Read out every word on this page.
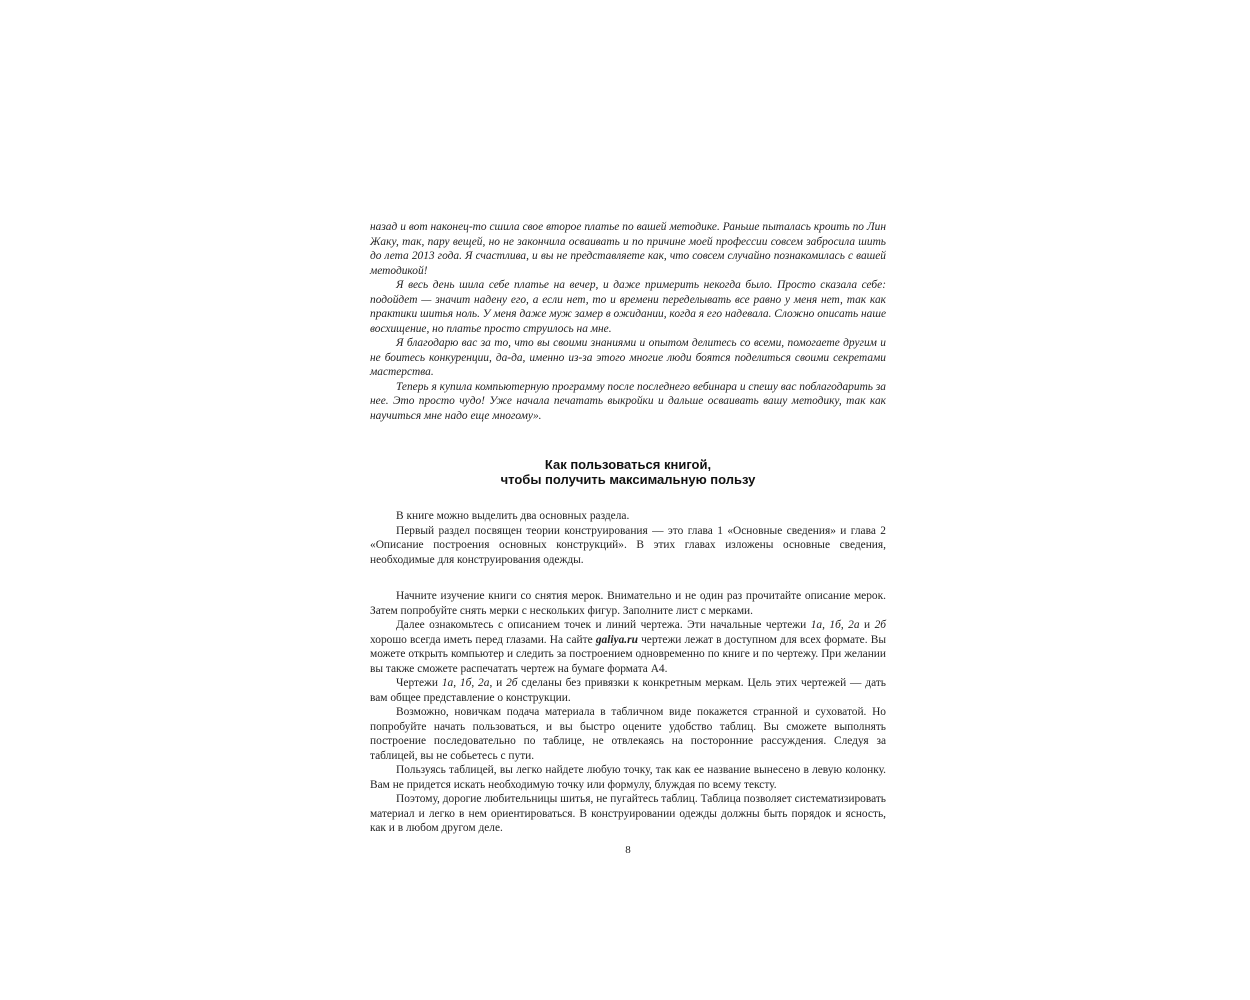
назад и вот наконец-то сшила свое второе платье по вашей методике. Раньше пыталась кроить по Лин Жаку, так, пару вещей, но не закончила осваивать и по причине моей профессии совсем забросила шить до лета 2013 года. Я счастлива, и вы не представляете как, что совсем случайно познакомилась с вашей методикой!

Я весь день шила себе платье на вечер, и даже примерить некогда было. Просто сказала себе: подойдет — значит надену его, а если нет, то и времени переделывать все равно у меня нет, так как практики шитья ноль. У меня даже муж замер в ожидании, когда я его надевала. Сложно описать наше восхищение, но платье просто струилось на мне.

Я благодарю вас за то, что вы своими знаниями и опытом делитесь со всеми, помогаете другим и не боитесь конкуренции, да-да, именно из-за этого многие люди боятся поделиться своими секретами мастерства.

Теперь я купила компьютерную программу после последнего вебинара и спешу вас поблагодарить за нее. Это просто чудо! Уже начала печатать выкройки и дальше осваивать вашу методику, так как научиться мне надо еще многому».

Как пользоваться книгой,
чтобы получить максимальную пользу

В книге можно выделить два основных раздела.

Первый раздел посвящен теории конструирования — это глава 1 «Основные сведения» и глава 2 «Описание построения основных конструкций». В этих главах изложены основные сведения, необходимые для конструирования одежды.

Начните изучение книги со снятия мерок. Внимательно и не один раз прочитайте описание мерок. Затем попробуйте снять мерки с нескольких фигур. Заполните лист с мерками.

Далее ознакомьтесь с описанием точек и линий чертежа. Эти начальные чертежи 1а, 1б, 2а и 2б хорошо всегда иметь перед глазами. На сайте galiya.ru чертежи лежат в доступном для всех формате. Вы можете открыть компьютер и следить за построением одновременно по книге и по чертежу. При желании вы также сможете распечатать чертеж на бумаге формата А4.

Чертежи 1а, 1б, 2а, и 2б сделаны без привязки к конкретным меркам. Цель этих чертежей — дать вам общее представление о конструкции.

Возможно, новичкам подача материала в табличном виде покажется странной и суховатой. Но попробуйте начать пользоваться, и вы быстро оцените удобство таблиц. Вы сможете выполнять построение последовательно по таблице, не отвлекаясь на посторонние рассуждения. Следуя за таблицей, вы не собьетесь с пути.

Пользуясь таблицей, вы легко найдете любую точку, так как ее название вынесено в левую колонку. Вам не придется искать необходимую точку или формулу, блуждая по всему тексту.

Поэтому, дорогие любительницы шитья, не пугайтесь таблиц. Таблица позволяет систематизировать материал и легко в нем ориентироваться. В конструировании одежды должны быть порядок и ясность, как и в любом другом деле.

8
